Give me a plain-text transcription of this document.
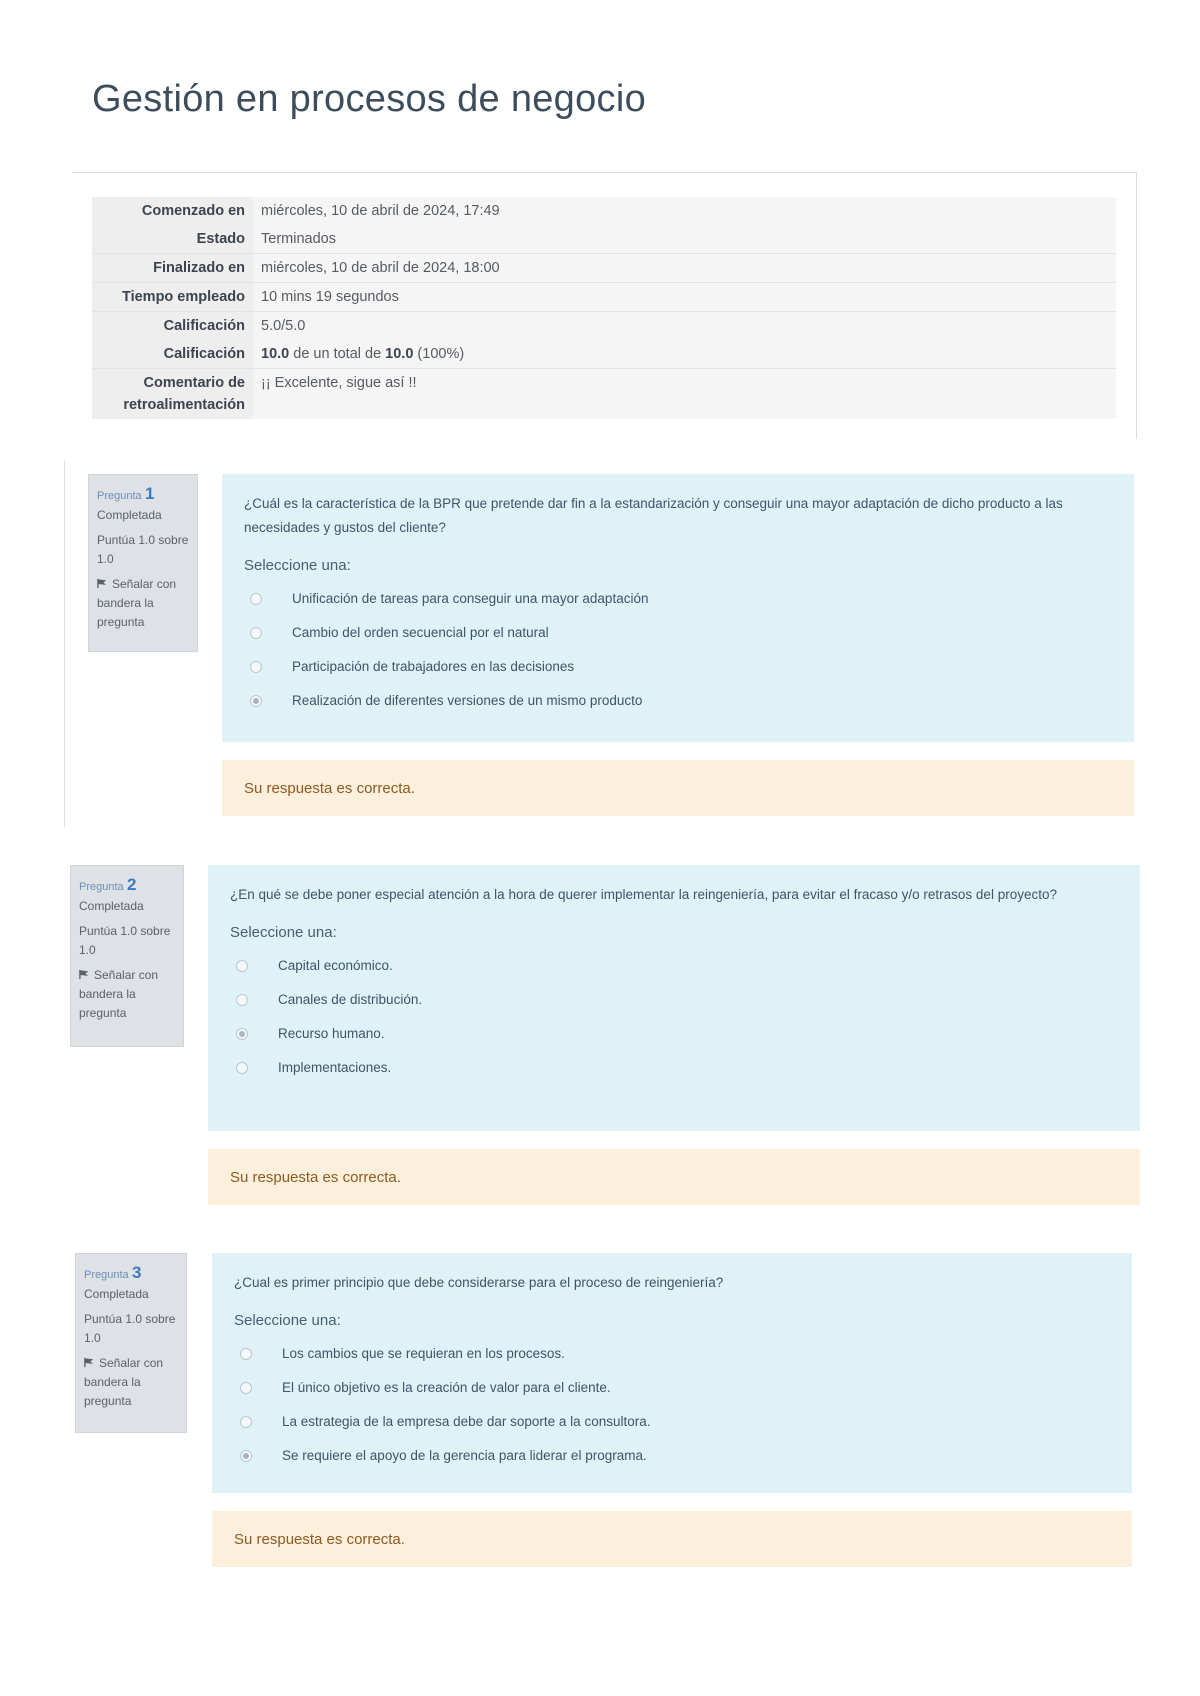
Gestión en procesos de negocio
Comenzado en	miércoles, 10 de abril de 2024, 17:49
Estado	Terminados
Finalizado en	miércoles, 10 de abril de 2024, 18:00
Tiempo empleado	10 mins 19 segundos
Calificación	5.0/5.0
Calificación	10.0 de un total de 10.0 (100%)
Comentario de retroalimentación	¡¡ Excelente, sigue así !!
Pregunta 1
Completada
Puntúa 1.0 sobre 1.0
Señalar con bandera la pregunta

¿Cuál es la característica de la BPR que pretende dar fin a la estandarización y conseguir una mayor adaptación de dicho producto a las necesidades y gustos del cliente?

Seleccione una:
Unificación de tareas para conseguir una mayor adaptación
Cambio del orden secuencial por el natural
Participación de trabajadores en las decisiones
Realización de diferentes versiones de un mismo producto
Su respuesta es correcta.
Pregunta 2
Completada
Puntúa 1.0 sobre 1.0
Señalar con bandera la pregunta

¿En qué se debe poner especial atención a la hora de querer implementar la reingeniería, para evitar el fracaso y/o retrasos del proyecto?

Seleccione una:
Capital económico.
Canales de distribución.
Recurso humano.
Implementaciones.
Su respuesta es correcta.
Pregunta 3
Completada
Puntúa 1.0 sobre 1.0
Señalar con bandera la pregunta

¿Cual es primer principio que debe considerarse para el proceso de reingeniería?

Seleccione una:
Los cambios que se requieran en los procesos.
El único objetivo es la creación de valor para el cliente.
La estrategia de la empresa debe dar soporte a la consultora.
Se requiere el apoyo de la gerencia para liderar el programa.
Su respuesta es correcta.
